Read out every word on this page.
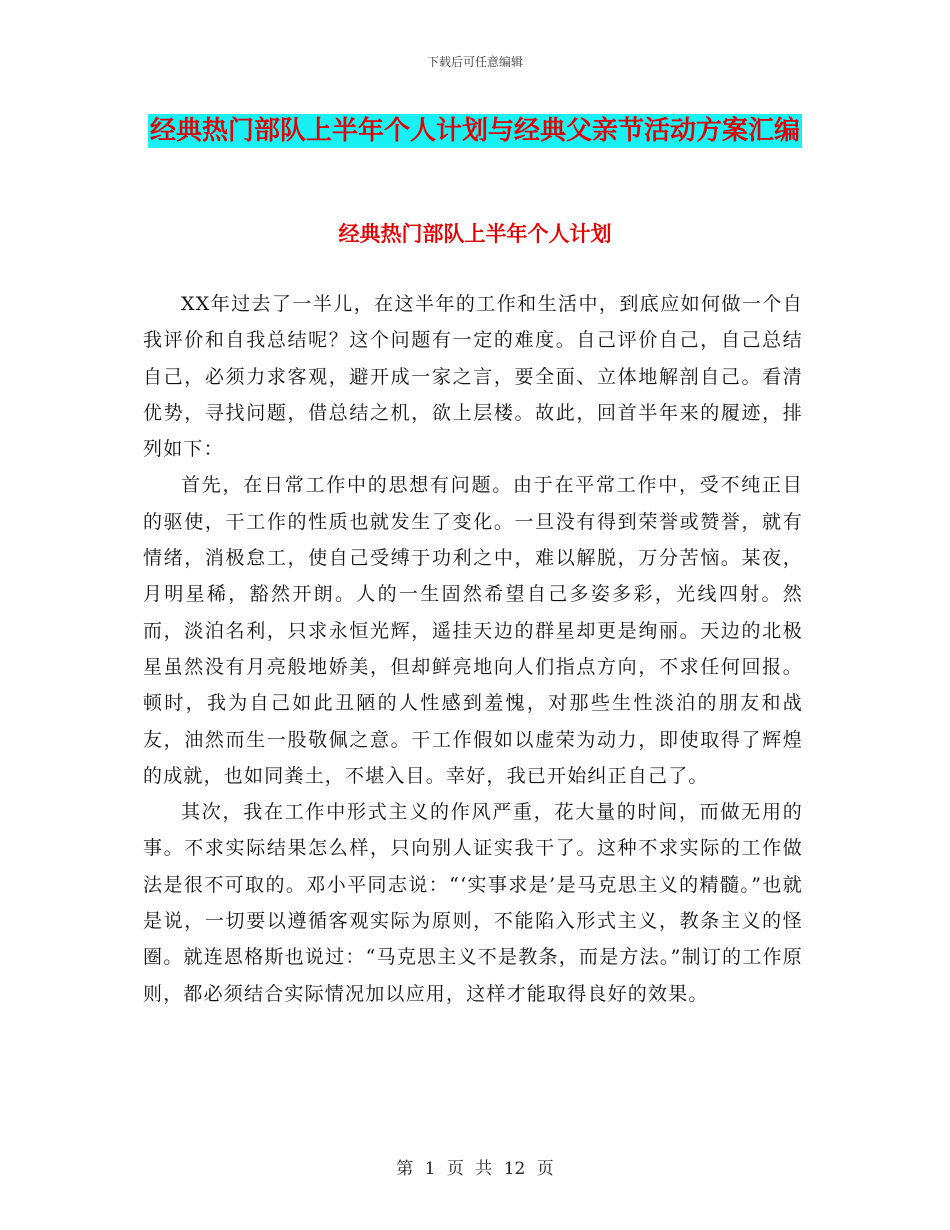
下载后可任意编辑
经典热门部队上半年个人计划与经典父亲节活动方案汇编
经典热门部队上半年个人计划

XX年过去了一半儿，在这半年的工作和生活中，到底应如何做一个自我评价和自我总结呢？这个问题有一定的难度。自己评价自己，自己总结自己，必须力求客观，避开成一家之言，要全面、立体地解剖自己。看清优势，寻找问题，借总结之机，欲上层楼。故此，回首半年来的履迹，排列如下：

首先，在日常工作中的思想有问题。由于在平常工作中，受不纯正目的驱使，干工作的性质也就发生了变化。一旦没有得到荣誉或赞誉，就有情绪，消极怠工，使自己受缚于功利之中，难以解脱，万分苦恼。某夜，月明星稀，豁然开朗。人的一生固然希望自己多姿多彩，光线四射。然而，淡泊名利，只求永恒光辉，遥挂天边的群星却更是绚丽。天边的北极星虽然没有月亮般地娇美，但却鲜亮地向人们指点方向，不求任何回报。顿时，我为自己如此丑陋的人性感到羞愧，对那些生性淡泊的朋友和战友，油然而生一股敬佩之意。干工作假如以虚荣为动力，即使取得了辉煌的成就，也如同粪土，不堪入目。幸好，我已开始纠正自己了。

其次，我在工作中形式主义的作风严重，花大量的时间，而做无用的事。不求实际结果怎么样，只向别人证实我干了。这种不求实际的工作做法是很不可取的。邓小平同志说：“‘实事求是’是马克思主义的精髓。”也就是说，一切要以遵循客观实际为原则，不能陷入形式主义，教条主义的怪圈。就连恩格斯也说过：“马克思主义不是教条，而是方法。”制订的工作原则，都必须结合实际情况加以应用，这样才能取得良好的效果。

第 1 页 共 12 页
